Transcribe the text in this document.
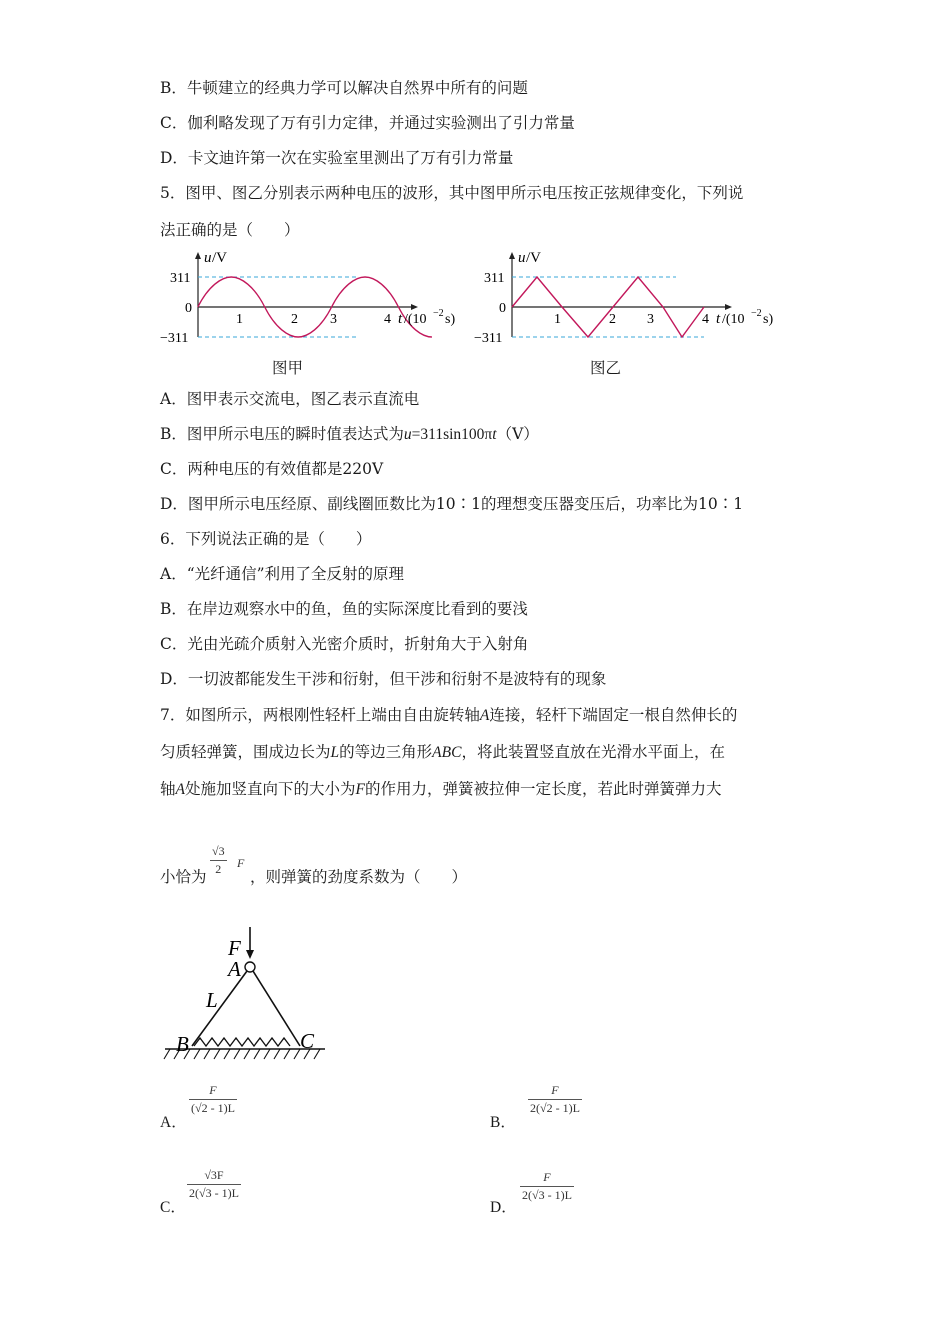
B．牛顿建立的经典力学可以解决自然界中所有的问题
C．伽利略发现了万有引力定律，并通过实验测出了引力常量
D．卡文迪许第一次在实验室里测出了万有引力常量
5．图甲、图乙分别表示两种电压的波形，其中图甲所示电压按正弦规律变化，下列说
法正确的是（　　）
311
0
−311
u /V
1	2 3	4 t /(10 −2 s)
图甲
311
0
−311
u /V
1	2 3	4 t /(10 −2 s)
图乙
A．图甲表示交流电，图乙表示直流电
B．图甲所示电压的瞬时值表达式为u=311sin100πt（V）
C．两种电压的有效值都是220V
D．图甲所示电压经原、副线圈匝数比为10∶1的理想变压器变压后，功率比为10∶1
6．下列说法正确的是（　　）
A．“光纤通信”利用了全反射的原理
B．在岸边观察水中的鱼，鱼的实际深度比看到的要浅
C．光由光疏介质射入光密介质时，折射角大于入射角
D．一切波都能发生干涉和衍射，但干涉和衍射不是波特有的现象
7．如图所示，两根刚性轻杆上端由自由旋转轴A连接，轻杆下端固定一根自然伸长的
匀质轻弹簧，围成边长为L的等边三角形ABC，将此装置竖直放在光滑水平面上，在
轴A处施加竖直向下的大小为F的作用力，弹簧被拉伸一定长度，若此时弹簧弹力大
小恰为 $\frac{√3}{2}$ F
，则弹簧的劲度系数为（　　）
F
A
L
B	C
A．
$\frac{F}{(√2 - 1)L}$
B．
$\frac{F}{2(√2 - 1)L}$
C．
$\frac{√3F}{2(√3 - 1)L}$
D．
$\frac{F}{2(√3 - 1)L}$
